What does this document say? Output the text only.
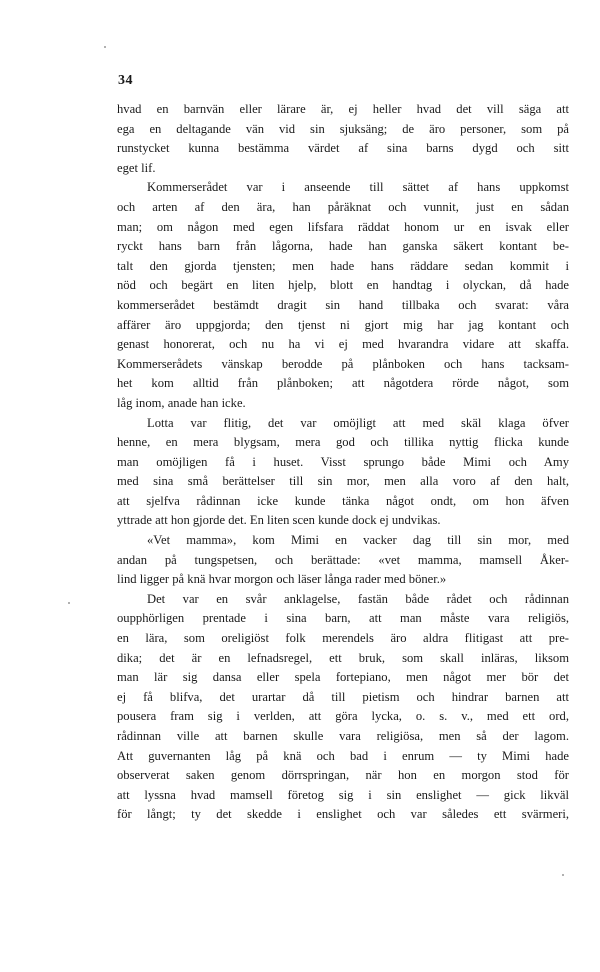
34
hvad en barnvän eller lärare är, ej heller hvad det vill säga att
ega en deltagande vän vid sin sjuksäng; de äro personer, som på
runstycket kunna bestämma värdet af sina barns dygd och sitt
eget lif.
Kommerserådet var i anseende till sättet af hans uppkomst
och arten af den ära, han påräknat och vunnit, just en sådan
man; om någon med egen lifsfara räddat honom ur en isvak eller
ryckt hans barn från lågorna, hade han ganska säkert kontant be-
talt den gjorda tjensten; men hade hans räddare sedan kommit i
nöd och begärt en liten hjelp, blott en handtag i olyckan, då hade
kommerserådet bestämdt dragit sin hand tillbaka och svarat: våra
affärer äro uppgjorda; den tjenst ni gjort mig har jag kontant och
genast honorerat, och nu ha vi ej med hvarandra vidare att skaffa.
Kommerserådets vänskap berodde på plånboken och hans tacksam-
het kom alltid från plånboken; att någotdera rörde något, som
låg inom, anade han icke.
Lotta var flitig, det var omöjligt att med skäl klaga öfver
henne, en mera blygsam, mera god och tillika nyttig flicka kunde
man omöjligen få i huset. Visst sprungo både Mimi och Amy
med sina små berättelser till sin mor, men alla voro af den halt,
att sjelfva rådinnan icke kunde tänka något ondt, om hon äfven
yttrade att hon gjorde det. En liten scen kunde dock ej undvikas.
«Vet mamma», kom Mimi en vacker dag till sin mor, med
andan på tungspetsen, och berättade: «vet mamma, mamsell Åker-
lind ligger på knä hvar morgon och läser långa rader med böner.»
Det var en svår anklagelse, fastän både rådet och rådinnan
oupphörligen prentade i sina barn, att man måste vara religiös,
en lära, som oreligiöst folk merendels äro aldra flitigast att pre-
dika; det är en lefnadsregel, ett bruk, som skall inläras, liksom
man lär sig dansa eller spela fortepiano, men något mer bör det
ej få blifva, det urartar då till pietism och hindrar barnen att
pousera fram sig i verlden, att göra lycka, o. s. v., med ett ord,
rådinnan ville att barnen skulle vara religiösa, men så der lagom.
Att guvernanten låg på knä och bad i enrum — ty Mimi hade
observerat saken genom dörrspringan, när hon en morgon stod för
att lyssna hvad mamsell företog sig i sin enslighet — gick likväl
för långt; ty det skedde i enslighet och var således ett svärmeri,
